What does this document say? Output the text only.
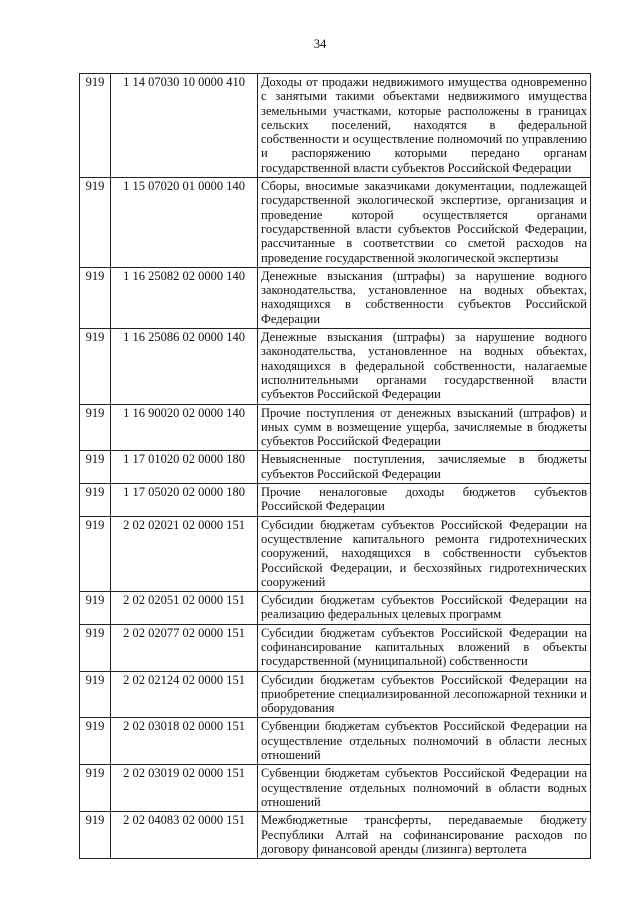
34
919	1 14 07030 10 0000 410	Доходы от продажи недвижимого имущества одновременно с занятыми такими объектами недвижимого имущества земельными участками, которые расположены в границах сельских поселений, находятся в федеральной собственности и осуществление полномочий по управлению и распоряжению которыми передано органам государственной власти субъектов Российской Федерации
919	1 15 07020 01 0000 140	Сборы, вносимые заказчиками документации, подлежащей государственной экологической экспертизе, организация и проведение которой осуществляется органами государственной власти субъектов Российской Федерации, рассчитанные в соответствии со сметой расходов на проведение государственной экологической экспертизы
919	1 16 25082 02 0000 140	Денежные взыскания (штрафы) за нарушение водного законодательства, установленное на водных объектах, находящихся в собственности субъектов Российской Федерации
919	1 16 25086 02 0000 140	Денежные взыскания (штрафы) за нарушение водного законодательства, установленное на водных объектах, находящихся в федеральной собственности, налагаемые исполнительными органами государственной власти субъектов Российской Федерации
919	1 16 90020 02 0000 140	Прочие поступления от денежных взысканий (штрафов) и иных сумм в возмещение ущерба, зачисляемые в бюджеты субъектов Российской Федерации
919	1 17 01020 02 0000 180	Невыясненные поступления, зачисляемые в бюджеты субъектов Российской Федерации
919	1 17 05020 02 0000 180	Прочие неналоговые доходы бюджетов субъектов Российской Федерации
919	2 02 02021 02 0000 151	Субсидии бюджетам субъектов Российской Федерации на осуществление капитального ремонта гидротехнических сооружений, находящихся в собственности субъектов Российской Федерации, и бесхозяйных гидротехнических сооружений
919	2 02 02051 02 0000 151	Субсидии бюджетам субъектов Российской Федерации на реализацию федеральных целевых программ
919	2 02 02077 02 0000 151	Субсидии бюджетам субъектов Российской Федерации на софинансирование капитальных вложений в объекты государственной (муниципальной) собственности
919	2 02 02124 02 0000 151	Субсидии бюджетам субъектов Российской Федерации на приобретение специализированной лесопожарной техники и оборудования
919	2 02 03018 02 0000 151	Субвенции бюджетам субъектов Российской Федерации на осуществление отдельных полномочий в области лесных отношений
919	2 02 03019 02 0000 151	Субвенции бюджетам субъектов Российской Федерации на осуществление отдельных полномочий в области водных отношений
919	2 02 04083 02 0000 151	Межбюджетные трансферты, передаваемые бюджету Республики Алтай на софинансирование расходов по договору финансовой аренды (лизинга) вертолета
